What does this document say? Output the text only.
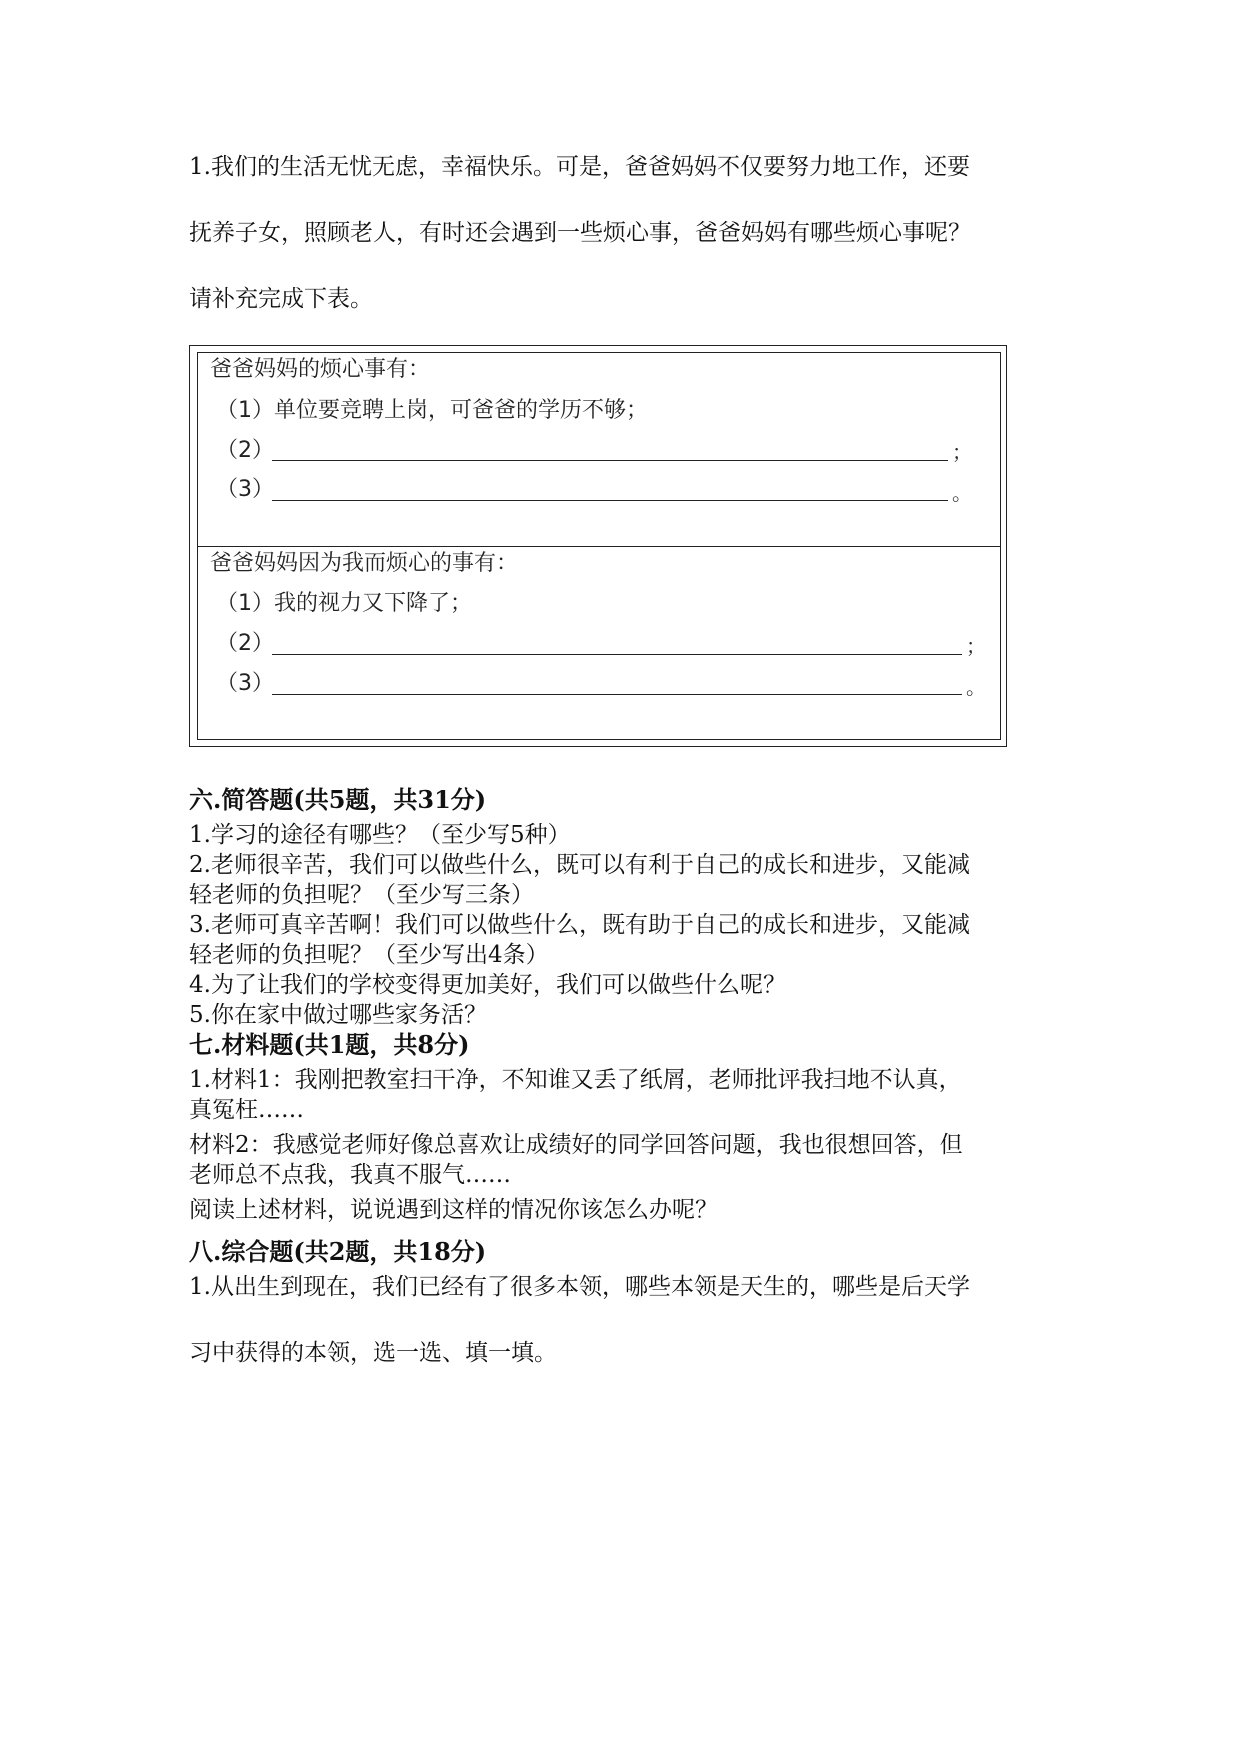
1.我们的生活无忧无虑，幸福快乐。可是，爸爸妈妈不仅要努力地工作，还要
抚养子女，照顾老人，有时还会遇到一些烦心事，爸爸妈妈有哪些烦心事呢？
请补充完成下表。
爸爸妈妈的烦心事有：
（1）单位要竞聘上岗，可爸爸的学历不够；
（2）	；
（3）	。
爸爸妈妈因为我而烦心的事有：
（1）我的视力又下降了；
（2）	；
（3）	。
六.简答题(共5题，共31分)
1.学习的途径有哪些？（至少写5种）
2.老师很辛苦，我们可以做些什么，既可以有利于自己的成长和进步，又能减
轻老师的负担呢？（至少写三条）
3.老师可真辛苦啊！我们可以做些什么，既有助于自己的成长和进步，又能减
轻老师的负担呢？（至少写出4条）
4.为了让我们的学校变得更加美好，我们可以做些什么呢？
5.你在家中做过哪些家务活？
七.材料题(共1题，共8分)
1.材料1：我刚把教室扫干净，不知谁又丢了纸屑，老师批评我扫地不认真，
真冤枉……
材料2：我感觉老师好像总喜欢让成绩好的同学回答问题，我也很想回答，但
老师总不点我，我真不服气……
阅读上述材料，说说遇到这样的情况你该怎么办呢？
八.综合题(共2题，共18分)
1.从出生到现在，我们已经有了很多本领，哪些本领是天生的，哪些是后天学
习中获得的本领，选一选、填一填。
